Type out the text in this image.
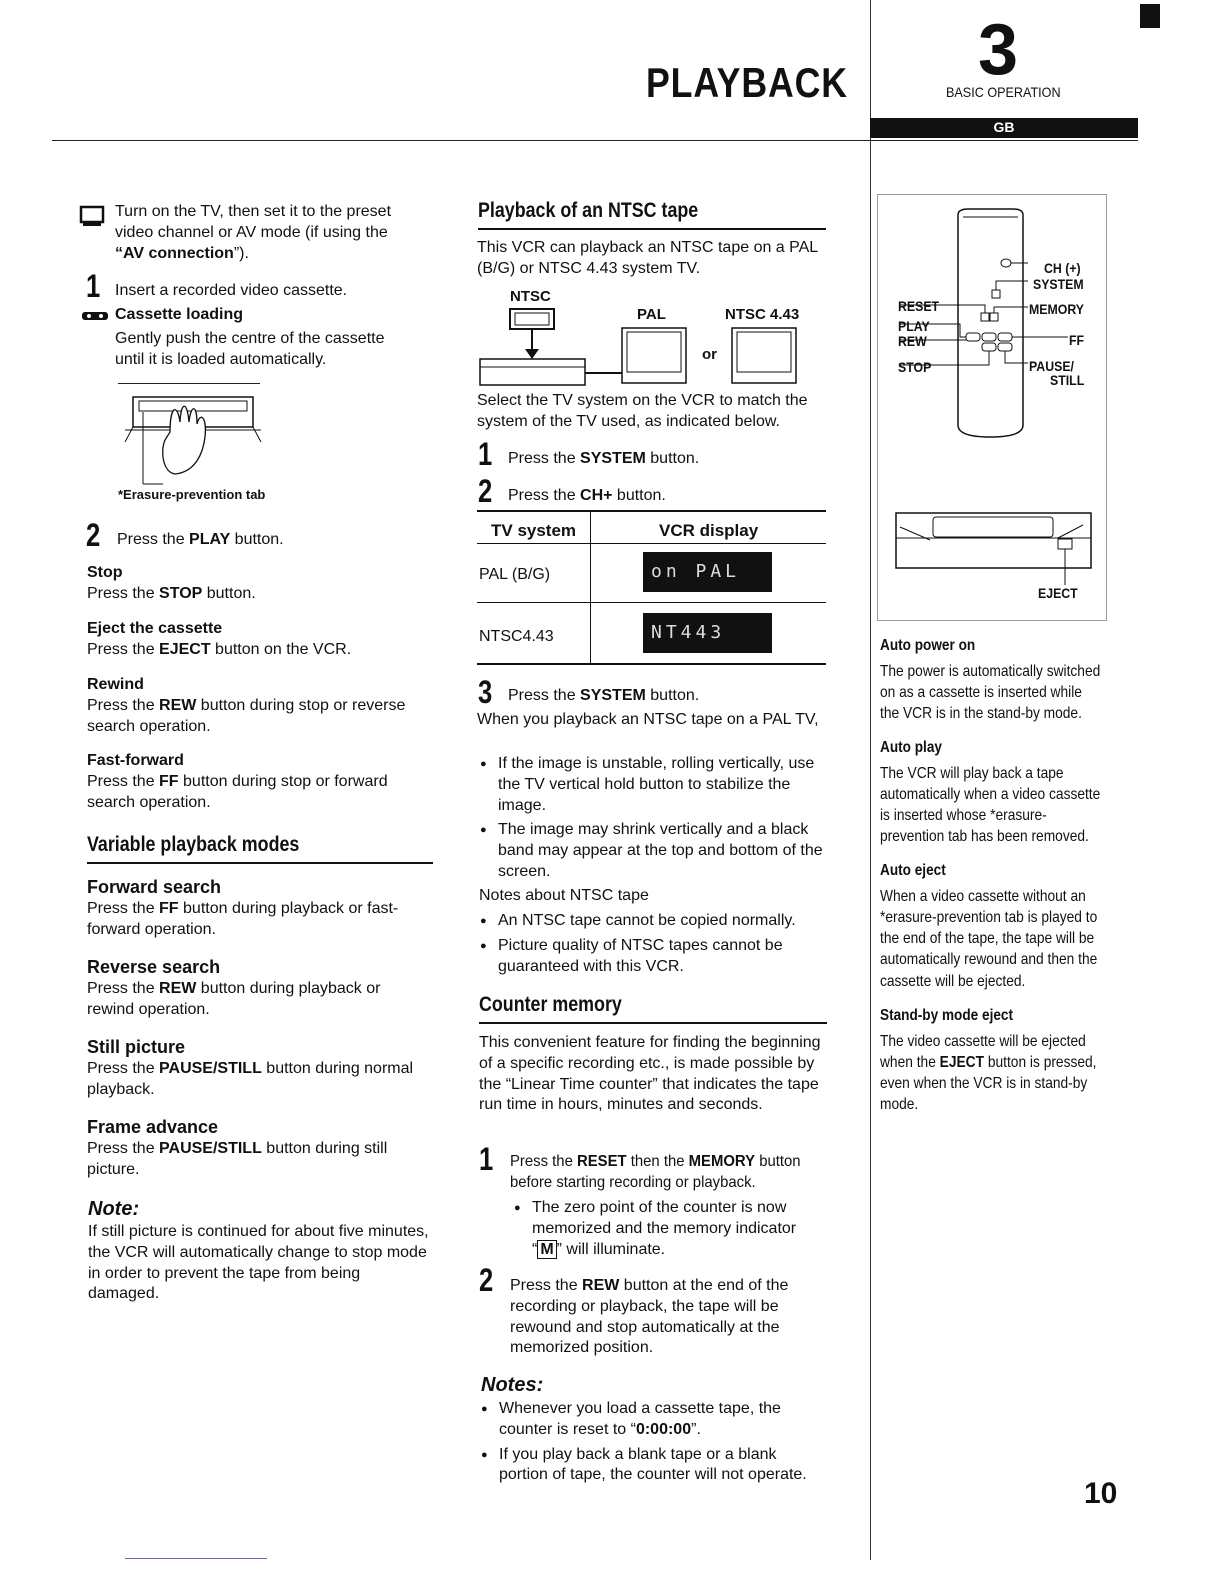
PLAYBACK 3
BASIC OPERATION
GB
Turn on the TV, then set it to the preset video channel or AV mode (if using the “AV connection”).
1 Insert a recorded video cassette.
Cassette loading
Gently push the centre of the cassette until it is loaded automatically.
*Erasure-prevention tab
2 Press the PLAY button.
Stop
Press the STOP button.
Eject the cassette
Press the EJECT button on the VCR.
Rewind
Press the REW button during stop or reverse search operation.
Fast-forward
Press the FF button during stop or forward search operation.
Variable playback modes
Forward search
Press the FF button during playback or fast-forward operation.
Reverse search
Press the REW button during playback or rewind operation.
Still picture
Press the PAUSE/STILL button during normal playback.
Frame advance
Press the PAUSE/STILL button during still picture.
Note:
If still picture is continued for about five minutes, the VCR will automatically change to stop mode in order to prevent the tape from being damaged.
Playback of an NTSC tape
This VCR can playback an NTSC tape on a PAL (B/G) or NTSC 4.43 system TV.
NTSC
PAL	NTSC 4.43
or
Select the TV system on the VCR to match the system of the TV used, as indicated below.
1 Press the SYSTEM button.
2 Press the CH+ button.
TV system	VCR display
PAL (B/G)	on PAL
NTSC4.43	NT443
3 Press the SYSTEM button.
When you playback an NTSC tape on a PAL TV,
● If the image is unstable, rolling vertically, use the TV vertical hold button to stabilize the image.
● The image may shrink vertically and a black band may appear at the top and bottom of the screen.
Notes about NTSC tape
● An NTSC tape cannot be copied normally.
● Picture quality of NTSC tapes cannot be guaranteed with this VCR.
Counter memory
This convenient feature for finding the beginning of a specific recording etc., is made possible by the “Linear Time counter” that indicates the tape run time in hours, minutes and seconds.
1 Press the RESET then the MEMORY button before starting recording or playback.
● The zero point of the counter is now memorized and the memory indicator “ M ” will illuminate.
2 Press the REW button at the end of the recording or playback, the tape will be rewound and stop automatically at the memorized position.
Notes:
● Whenever you load a cassette tape, the counter is reset to “0:00:00”.
● If you play back a blank tape or a blank portion of tape, the counter will not operate.
CH (+)
SYSTEM
MEMORY
FF
PAUSE/
STILL
RESET
PLAY
REW
STOP
EJECT
Auto power on
The power is automatically switched on as a cassette is inserted while the VCR is in the stand-by mode.
Auto play
The VCR will play back a tape automatically when a video cassette is inserted whose *erasure-prevention tab has been removed.
Auto eject
When a video cassette without an *erasure-prevention tab is played to the end of the tape, the tape will be automatically rewound and then the cassette will be ejected.
Stand-by mode eject
The video cassette will be ejected when the EJECT button is pressed, even when the VCR is in stand-by mode.
10
